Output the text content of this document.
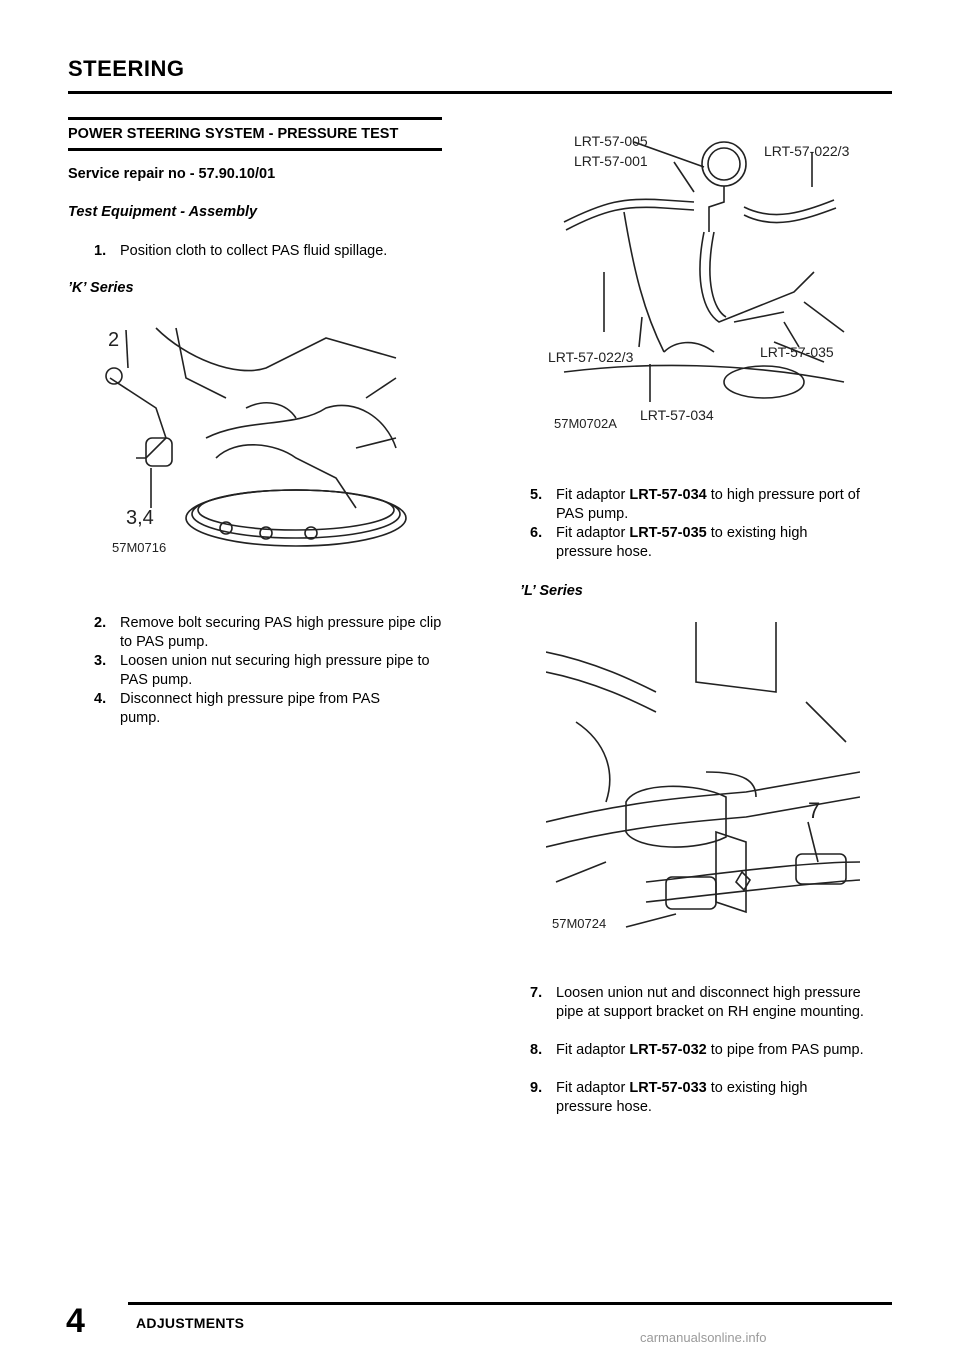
STEERING
POWER STEERING SYSTEM - PRESSURE TEST
Service repair no - 57.90.10/01
Test Equipment - Assembly
1. Position cloth to collect PAS fluid spillage.
’K’ Series
2
3,4
57M0716
2. Remove bolt securing PAS high pressure pipe clip to PAS pump.
3. Loosen union nut securing high pressure pipe to PAS pump.
4. Disconnect high pressure pipe from PAS pump.
LRT-57-005
LRT-57-001
LRT-57-022/3
LRT-57-022/3	LRT-57-035
LRT-57-034
57M0702A
5. Fit adaptor LRT-57-034 to high pressure port of PAS pump.
6. Fit adaptor LRT-57-035 to existing high pressure hose.
’L’ Series
7
57M0724
7. Loosen union nut and disconnect high pressure pipe at support bracket on RH engine mounting.
8. Fit adaptor LRT-57-032 to pipe from PAS pump.
9. Fit adaptor LRT-57-033 to existing high pressure hose.
4	ADJUSTMENTS
carmanualsonline.info
